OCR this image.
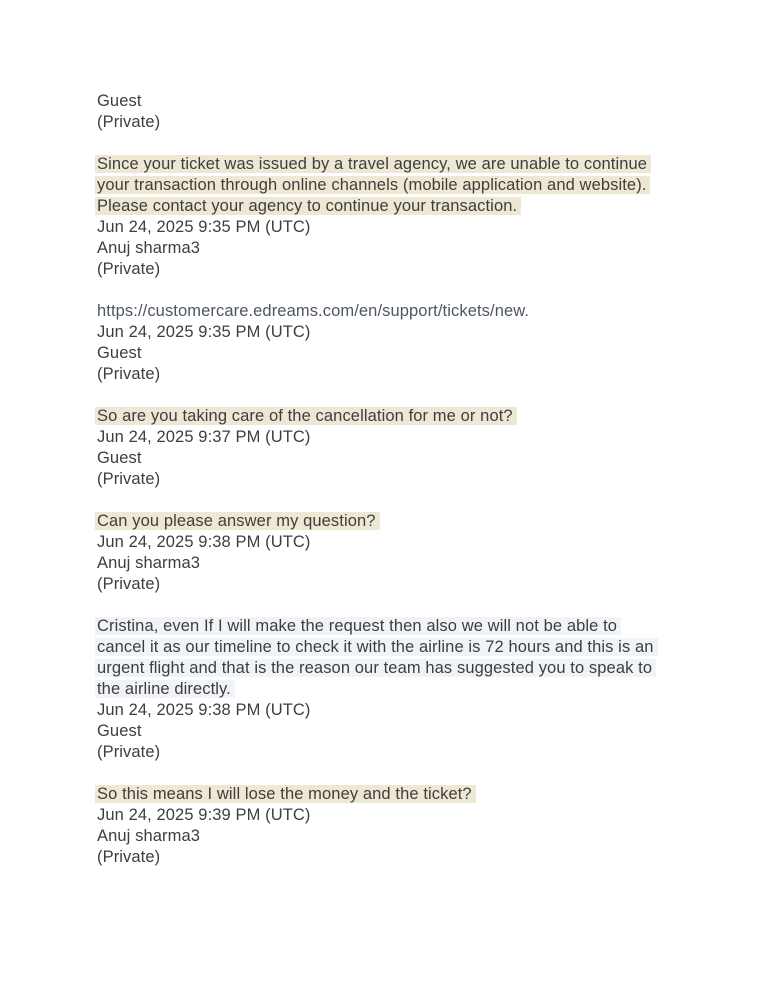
Guest
(Private)
Since your ticket was issued by a travel agency, we are unable to continue
your transaction through online channels (mobile application and website).
Please contact your agency to continue your transaction.
Jun 24, 2025 9:35 PM (UTC)
Anuj sharma3
(Private)
https://customercare.edreams.com/en/support/tickets/new.
Jun 24, 2025 9:35 PM (UTC)
Guest
(Private)
So are you taking care of the cancellation for me or not?
Jun 24, 2025 9:37 PM (UTC)
Guest
(Private)
Can you please answer my question?
Jun 24, 2025 9:38 PM (UTC)
Anuj sharma3
(Private)
Cristina, even If I will make the request then also we will not be able to
cancel it as our timeline to check it with the airline is 72 hours and this is an
urgent flight and that is the reason our team has suggested you to speak to
the airline directly.
Jun 24, 2025 9:38 PM (UTC)
Guest
(Private)
So this means I will lose the money and the ticket?
Jun 24, 2025 9:39 PM (UTC)
Anuj sharma3
(Private)
